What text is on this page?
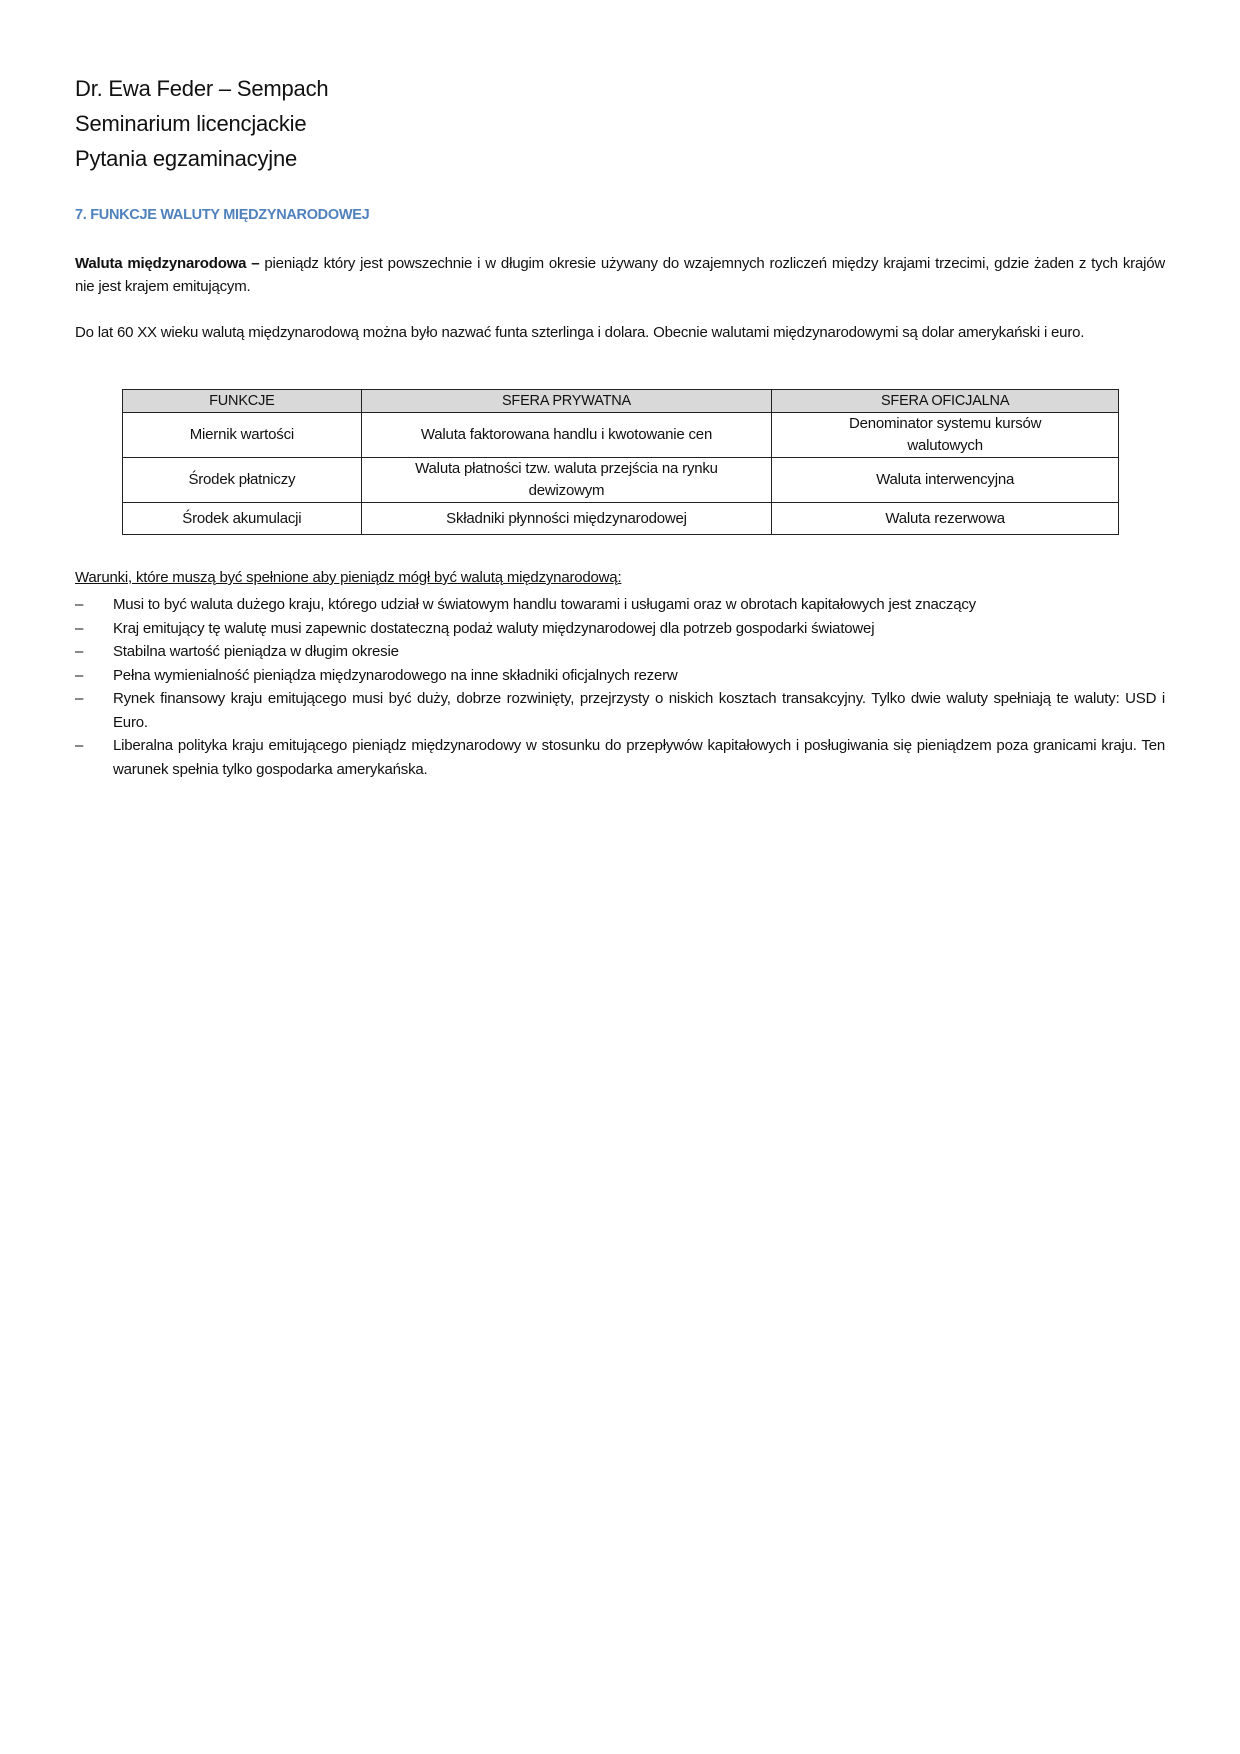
Dr. Ewa Feder – Sempach
Seminarium licencjackie
Pytania egzaminacyjne
7. FUNKCJE WALUTY MIĘDZYNARODOWEJ

Waluta międzynarodowa – pieniądz który jest powszechnie i w długim okresie używany do wzajemnych rozliczeń między krajami trzecimi, gdzie żaden z tych krajów nie jest krajem emitującym.

Do lat 60 XX wieku walutą międzynarodową można było nazwać funta szterlinga i dolara. Obecnie walutami międzynarodowymi są dolar amerykański i euro.

FUNKCJE	SFERA PRYWATNA	SFERA OFICJALNA
Miernik wartości	Waluta faktorowana handlu i kwotowanie cen	Denominator systemu kursów walutowych
Środek płatniczy	Waluta płatności tzw. waluta przejścia na rynku dewizowym	Waluta interwencyjna
Środek akumulacji	Składniki płynności międzynarodowej	Waluta rezerwowa
Warunki, które muszą być spełnione aby pieniądz mógł być walutą międzynarodową:
– Musi to być waluta dużego kraju, którego udział w światowym handlu towarami i usługami oraz w obrotach kapitałowych jest znaczący
– Kraj emitujący tę walutę musi zapewnic dostateczną podaż waluty międzynarodowej dla potrzeb gospodarki światowej
– Stabilna wartość pieniądza w długim okresie
– Pełna wymienialność pieniądza międzynarodowego na inne składniki oficjalnych rezerw
– Rynek finansowy kraju emitującego musi być duży, dobrze rozwinięty, przejrzysty o niskich kosztach transakcyjny. Tylko dwie waluty spełniają te waluty: USD i Euro.
– Liberalna polityka kraju emitującego pieniądz międzynarodowy w stosunku do przepływów kapitałowych i posługiwania się pieniądzem poza granicami kraju. Ten warunek spełnia tylko gospodarka amerykańska.
